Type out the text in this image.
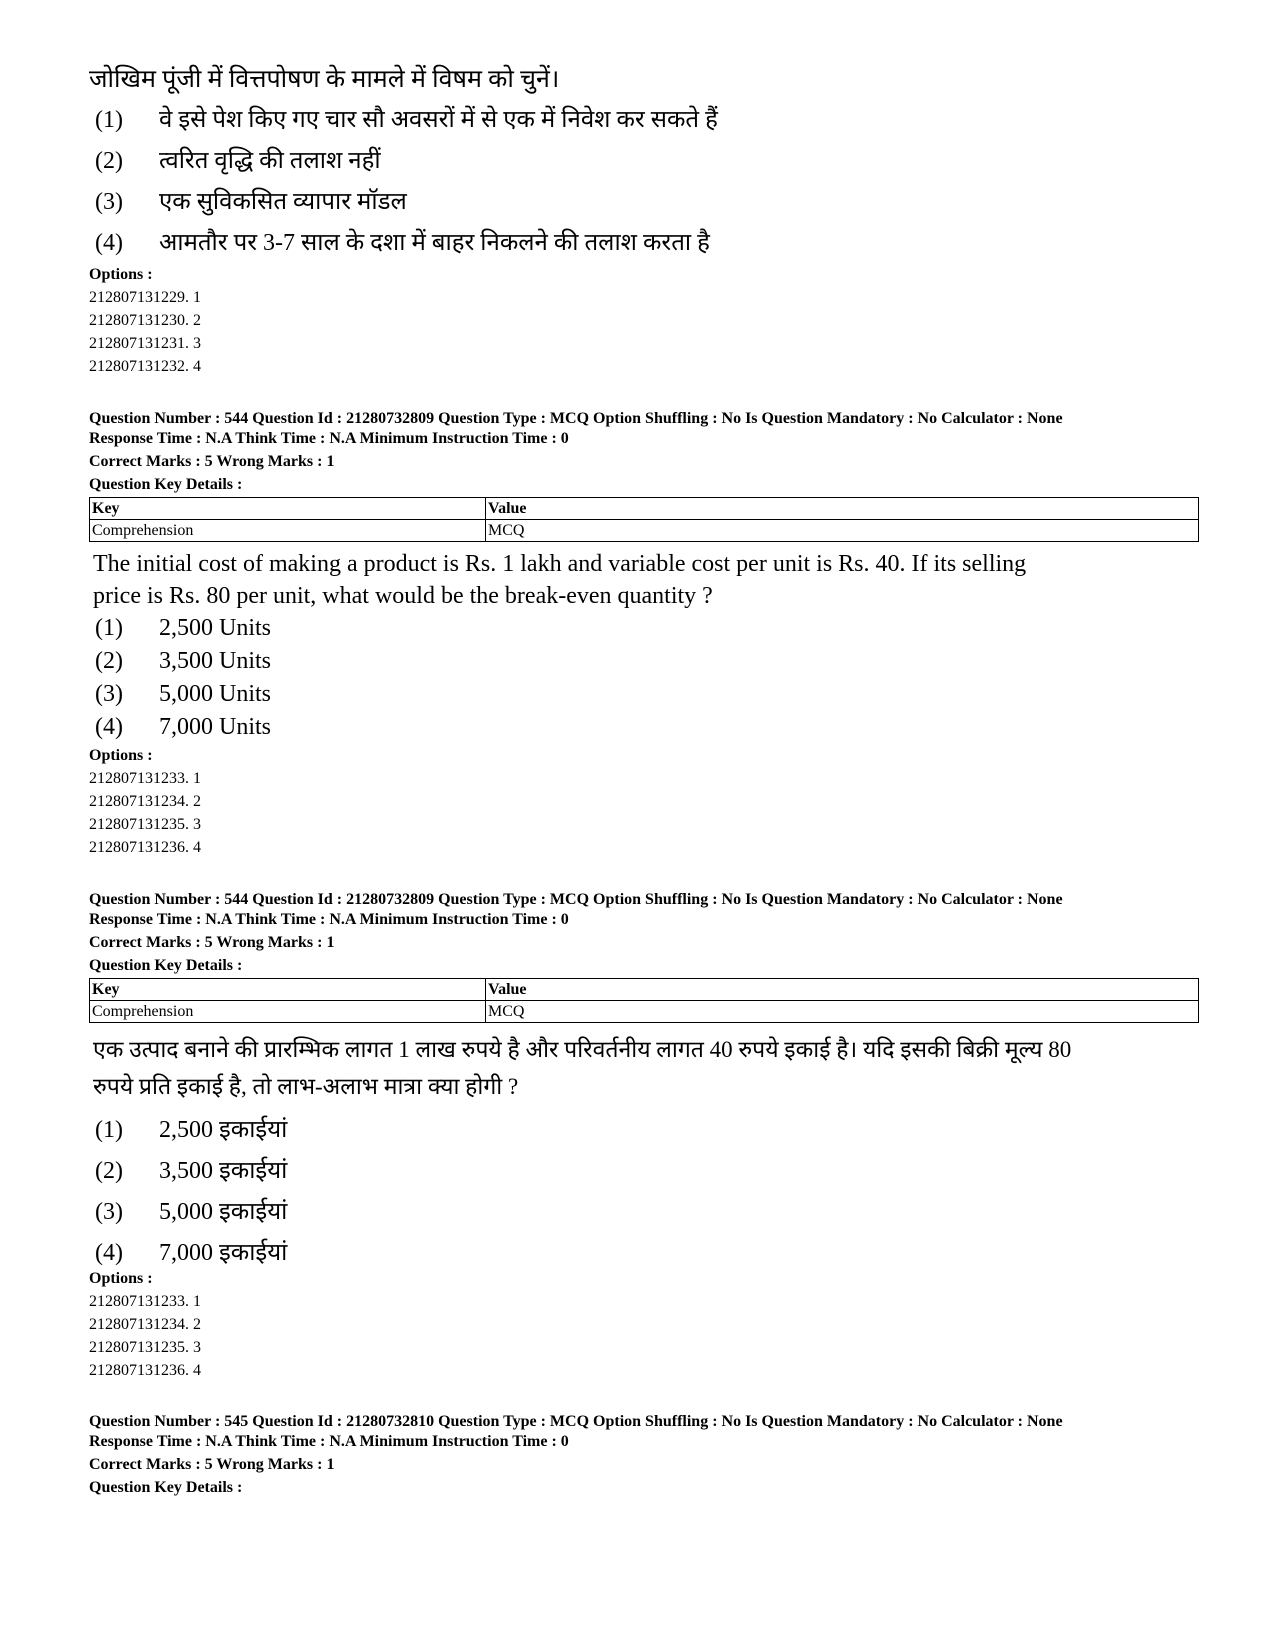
जोखिम पूंजी में वित्तपोषण के मामले में विषम को चुनें।
(1)	वे इसे पेश किए गए चार सौ अवसरों में से एक में निवेश कर सकते हैं
(2)	त्वरित वृद्धि की तलाश नहीं
(3)	एक सुविकसित व्यापार मॉडल
(4)	आमतौर पर 3-7 साल के दशा में बाहर निकलने की तलाश करता है
Options :
212807131229. 1
212807131230. 2
212807131231. 3
212807131232. 4
Question Number : 544 Question Id : 21280732809 Question Type : MCQ Option Shuffling : No Is Question Mandatory : No Calculator : None
Response Time : N.A Think Time : N.A Minimum Instruction Time : 0
Correct Marks : 5 Wrong Marks : 1
Question Key Details :
Key	Value
Comprehension	MCQ
The initial cost of making a product is Rs. 1 lakh and variable cost per unit is Rs. 40. If its selling
price is Rs. 80 per unit, what would be the break-even quantity ?
(1)	2,500 Units
(2)	3,500 Units
(3)	5,000 Units
(4)	7,000 Units
Options :
212807131233. 1
212807131234. 2
212807131235. 3
212807131236. 4
Question Number : 544 Question Id : 21280732809 Question Type : MCQ Option Shuffling : No Is Question Mandatory : No Calculator : None
Response Time : N.A Think Time : N.A Minimum Instruction Time : 0
Correct Marks : 5 Wrong Marks : 1
Question Key Details :
Key	Value
Comprehension	MCQ
एक उत्पाद बनाने की प्रारम्भिक लागत 1 लाख रुपये है और परिवर्तनीय लागत 40 रुपये इकाई है। यदि इसकी बिक्री मूल्य 80
रुपये प्रति इकाई है, तो लाभ-अलाभ मात्रा क्या होगी ?
(1)	2,500 इकाईयां
(2)	3,500 इकाईयां
(3)	5,000 इकाईयां
(4)	7,000 इकाईयां
Options :
212807131233. 1
212807131234. 2
212807131235. 3
212807131236. 4
Question Number : 545 Question Id : 21280732810 Question Type : MCQ Option Shuffling : No Is Question Mandatory : No Calculator : None
Response Time : N.A Think Time : N.A Minimum Instruction Time : 0
Correct Marks : 5 Wrong Marks : 1
Question Key Details :
